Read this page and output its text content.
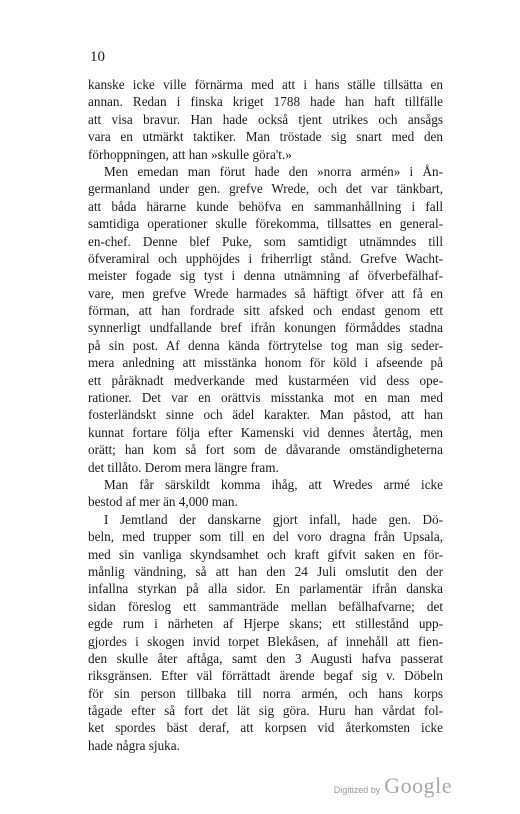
10
kanske icke ville förnärma med att i hans ställe tillsätta en
annan. Redan i finska kriget 1788 hade han haft tillfälle
att visa bravur. Han hade också tjent utrikes och ansågs
vara en utmärkt taktiker. Man tröstade sig snart med den
förhoppningen, att han »skulle göra't.»
Men emedan man förut hade den »norra armén» i Ån-
germanland under gen. grefve Wrede, och det var tänkbart,
att båda härarne kunde behöfva en sammanhållning i fall
samtidiga operationer skulle förekomma, tillsattes en general-
en-chef. Denne blef Puke, som samtidigt utnämndes till
öfveramiral och upphöjdes i friherrligt stånd. Grefve Wacht-
meister fogade sig tyst i denna utnämning af öfverbefälhaf-
vare, men grefve Wrede harmades så häftigt öfver att få en
förman, att han fordrade sitt afsked och endast genom ett
synnerligt undfallande bref ifrån konungen förmåddes stadna
på sin post. Af denna kända förtrytelse tog man sig seder-
mera anledning att misstänka honom för köld i afseende på
ett påräknadt medverkande med kustarméen vid dess ope-
rationer. Det var en orättvis misstanka mot en man med
fosterländskt sinne och ädel karakter. Man påstod, att han
kunnat fortare följa efter Kamenski vid dennes återtåg, men
orätt; han kom så fort som de dåvarande omständigheterna
det tillåto. Derom mera längre fram.
Man får särskildt komma ihåg, att Wredes armé icke
bestod af mer än 4,000 man.
I Jemtland der danskarne gjort infall, hade gen. Dö-
beln, med trupper som till en del voro dragna från Upsala,
med sin vanliga skyndsamhet och kraft gifvit saken en för-
månlig vändning, så att han den 24 Juli omslutit den der
infallna styrkan på alla sidor. En parlamentär ifrån danska
sidan föreslog ett sammanträde mellan befälhafvarne; det
egde rum i närheten af Hjerpe skans; ett stillestånd upp-
gjordes i skogen invid torpet Blekåsen, af innehåll att fien-
den skulle åter aftåga, samt den 3 Augusti hafva passerat
riksgränsen. Efter väl förrättadt ärende begaf sig v. Döbeln
för sin person tillbaka till norra armén, och hans korps
tågade efter så fort det lät sig göra. Huru han vårdat fol-
ket spordes bäst deraf, att korpsen vid återkomsten icke
hade några sjuka.
Digitized by Google
